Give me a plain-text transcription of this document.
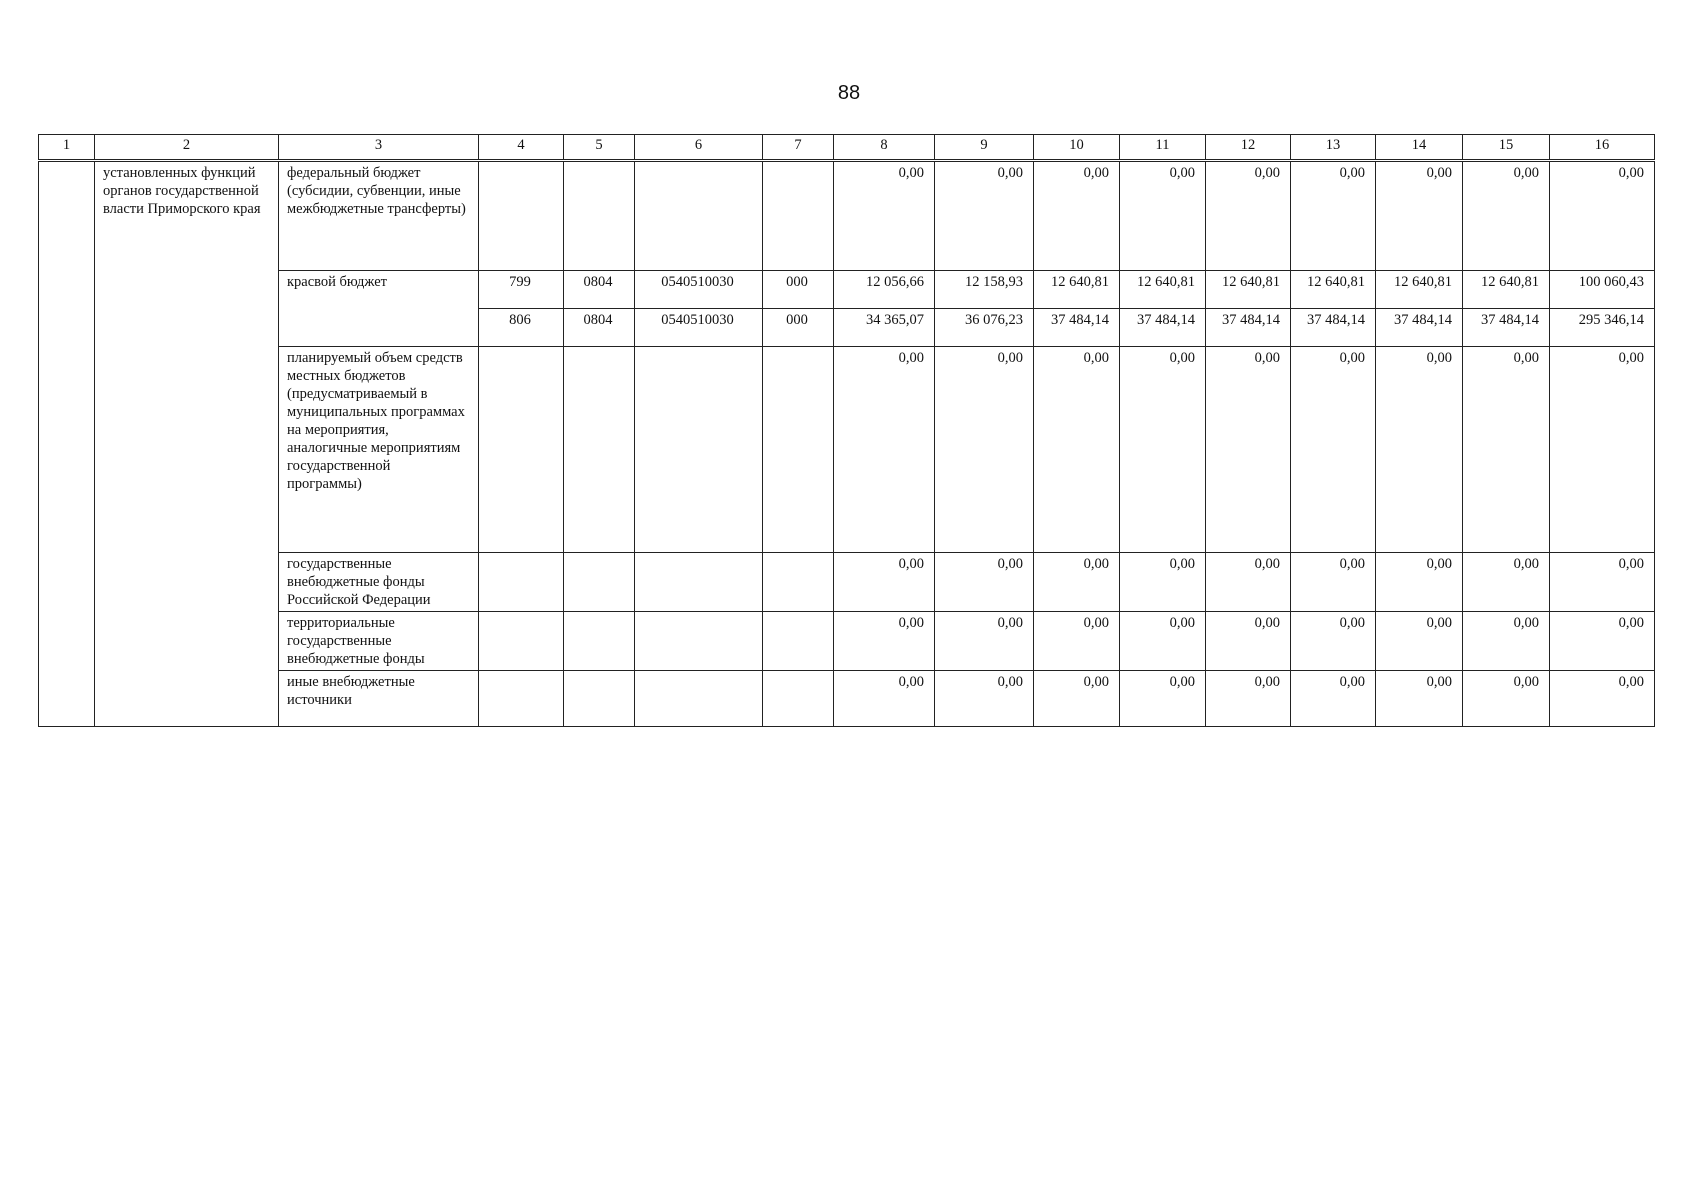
88
1	2	3	4	5	6	7	8	9	10	11	12	13	14	15	16
	установленных функций органов государственной власти Приморского края	федеральный бюджет (субсидии, субвенции, иные межбюджетные трансферты)					0,00	0,00	0,00	0,00	0,00	0,00	0,00	0,00	0,00
		красвой бюджет	799	0804	0540510030	000	12 056,66	12 158,93	12 640,81	12 640,81	12 640,81	12 640,81	12 640,81	12 640,81	100 060,43
			806	0804	0540510030	000	34 365,07	36 076,23	37 484,14	37 484,14	37 484,14	37 484,14	37 484,14	37 484,14	295 346,14
		планируемый объем средств местных бюджетов (предусматриваемый в муниципальных программах на мероприятия, аналогичные мероприятиям государственной программы)					0,00	0,00	0,00	0,00	0,00	0,00	0,00	0,00	0,00
		государственные внебюджетные фонды Российской Федерации					0,00	0,00	0,00	0,00	0,00	0,00	0,00	0,00	0,00
		территориальные государственные внебюджетные фонды					0,00	0,00	0,00	0,00	0,00	0,00	0,00	0,00	0,00
		иные внебюджетные источники					0,00	0,00	0,00	0,00	0,00	0,00	0,00	0,00	0,00
